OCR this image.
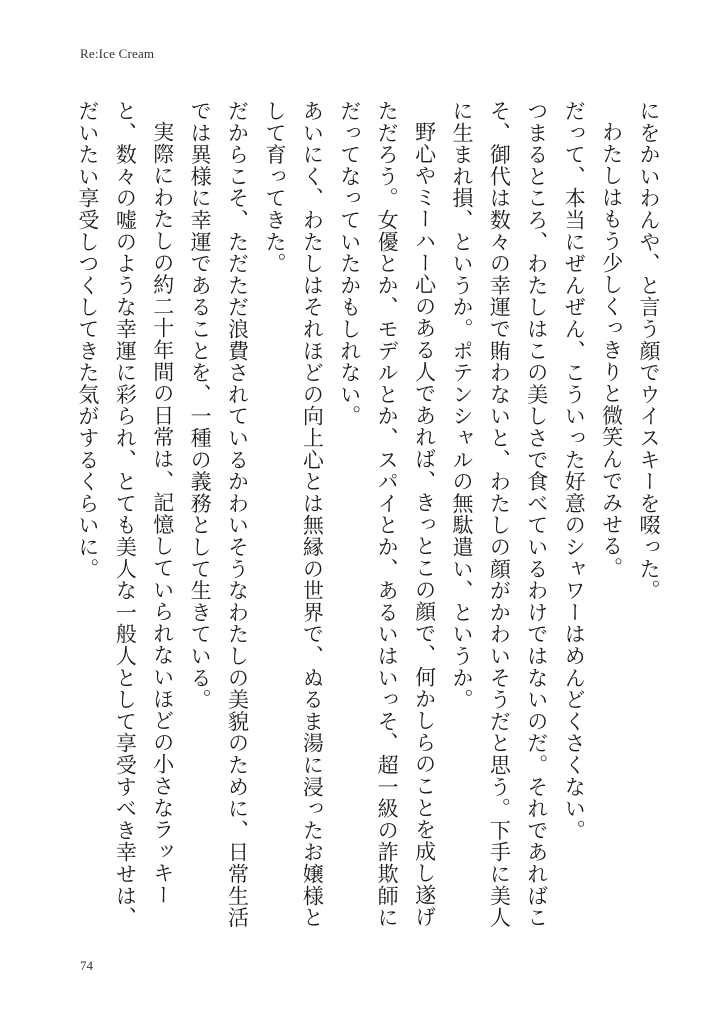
Re:Ice Cream

にをかいわんや、と言う顔でウイスキーを啜った。

わたしはもう少しくっきりと微笑んでみせる。

だって、本当にぜんぜん、こういった好意のシャワーはめんどくさくない。

つまるところ、わたしはこの美しさで食べているわけではないのだ。それであればこそ、御代は数々の幸運で賄わないと、わたしの顔がかわいそうだと思う。下手に美人に生まれ損、というか。ポテンシャルの無駄遣い、というか。

野心やミーハー心のある人であれば、きっとこの顔で、何かしらのことを成し遂げただろう。女優とか、モデルとか、スパイとか、あるいはいっそ、超一級の詐欺師にだってなっていたかもしれない。

あいにく、わたしはそれほどの向上心とは無縁の世界で、ぬるま湯に浸ったお嬢様として育ってきた。

だからこそ、ただただ浪費されているかわいそうなわたしの美貌のために、日常生活では異様に幸運であることを、一種の義務として生きている。

実際にわたしの約二十年間の日常は、記憶していられないほどの小さなラッキーと、数々の嘘のような幸運に彩られ、とても美人な一般人として享受すべき幸せは、だいたい享受しつくしてきた気がするくらいに。

74
